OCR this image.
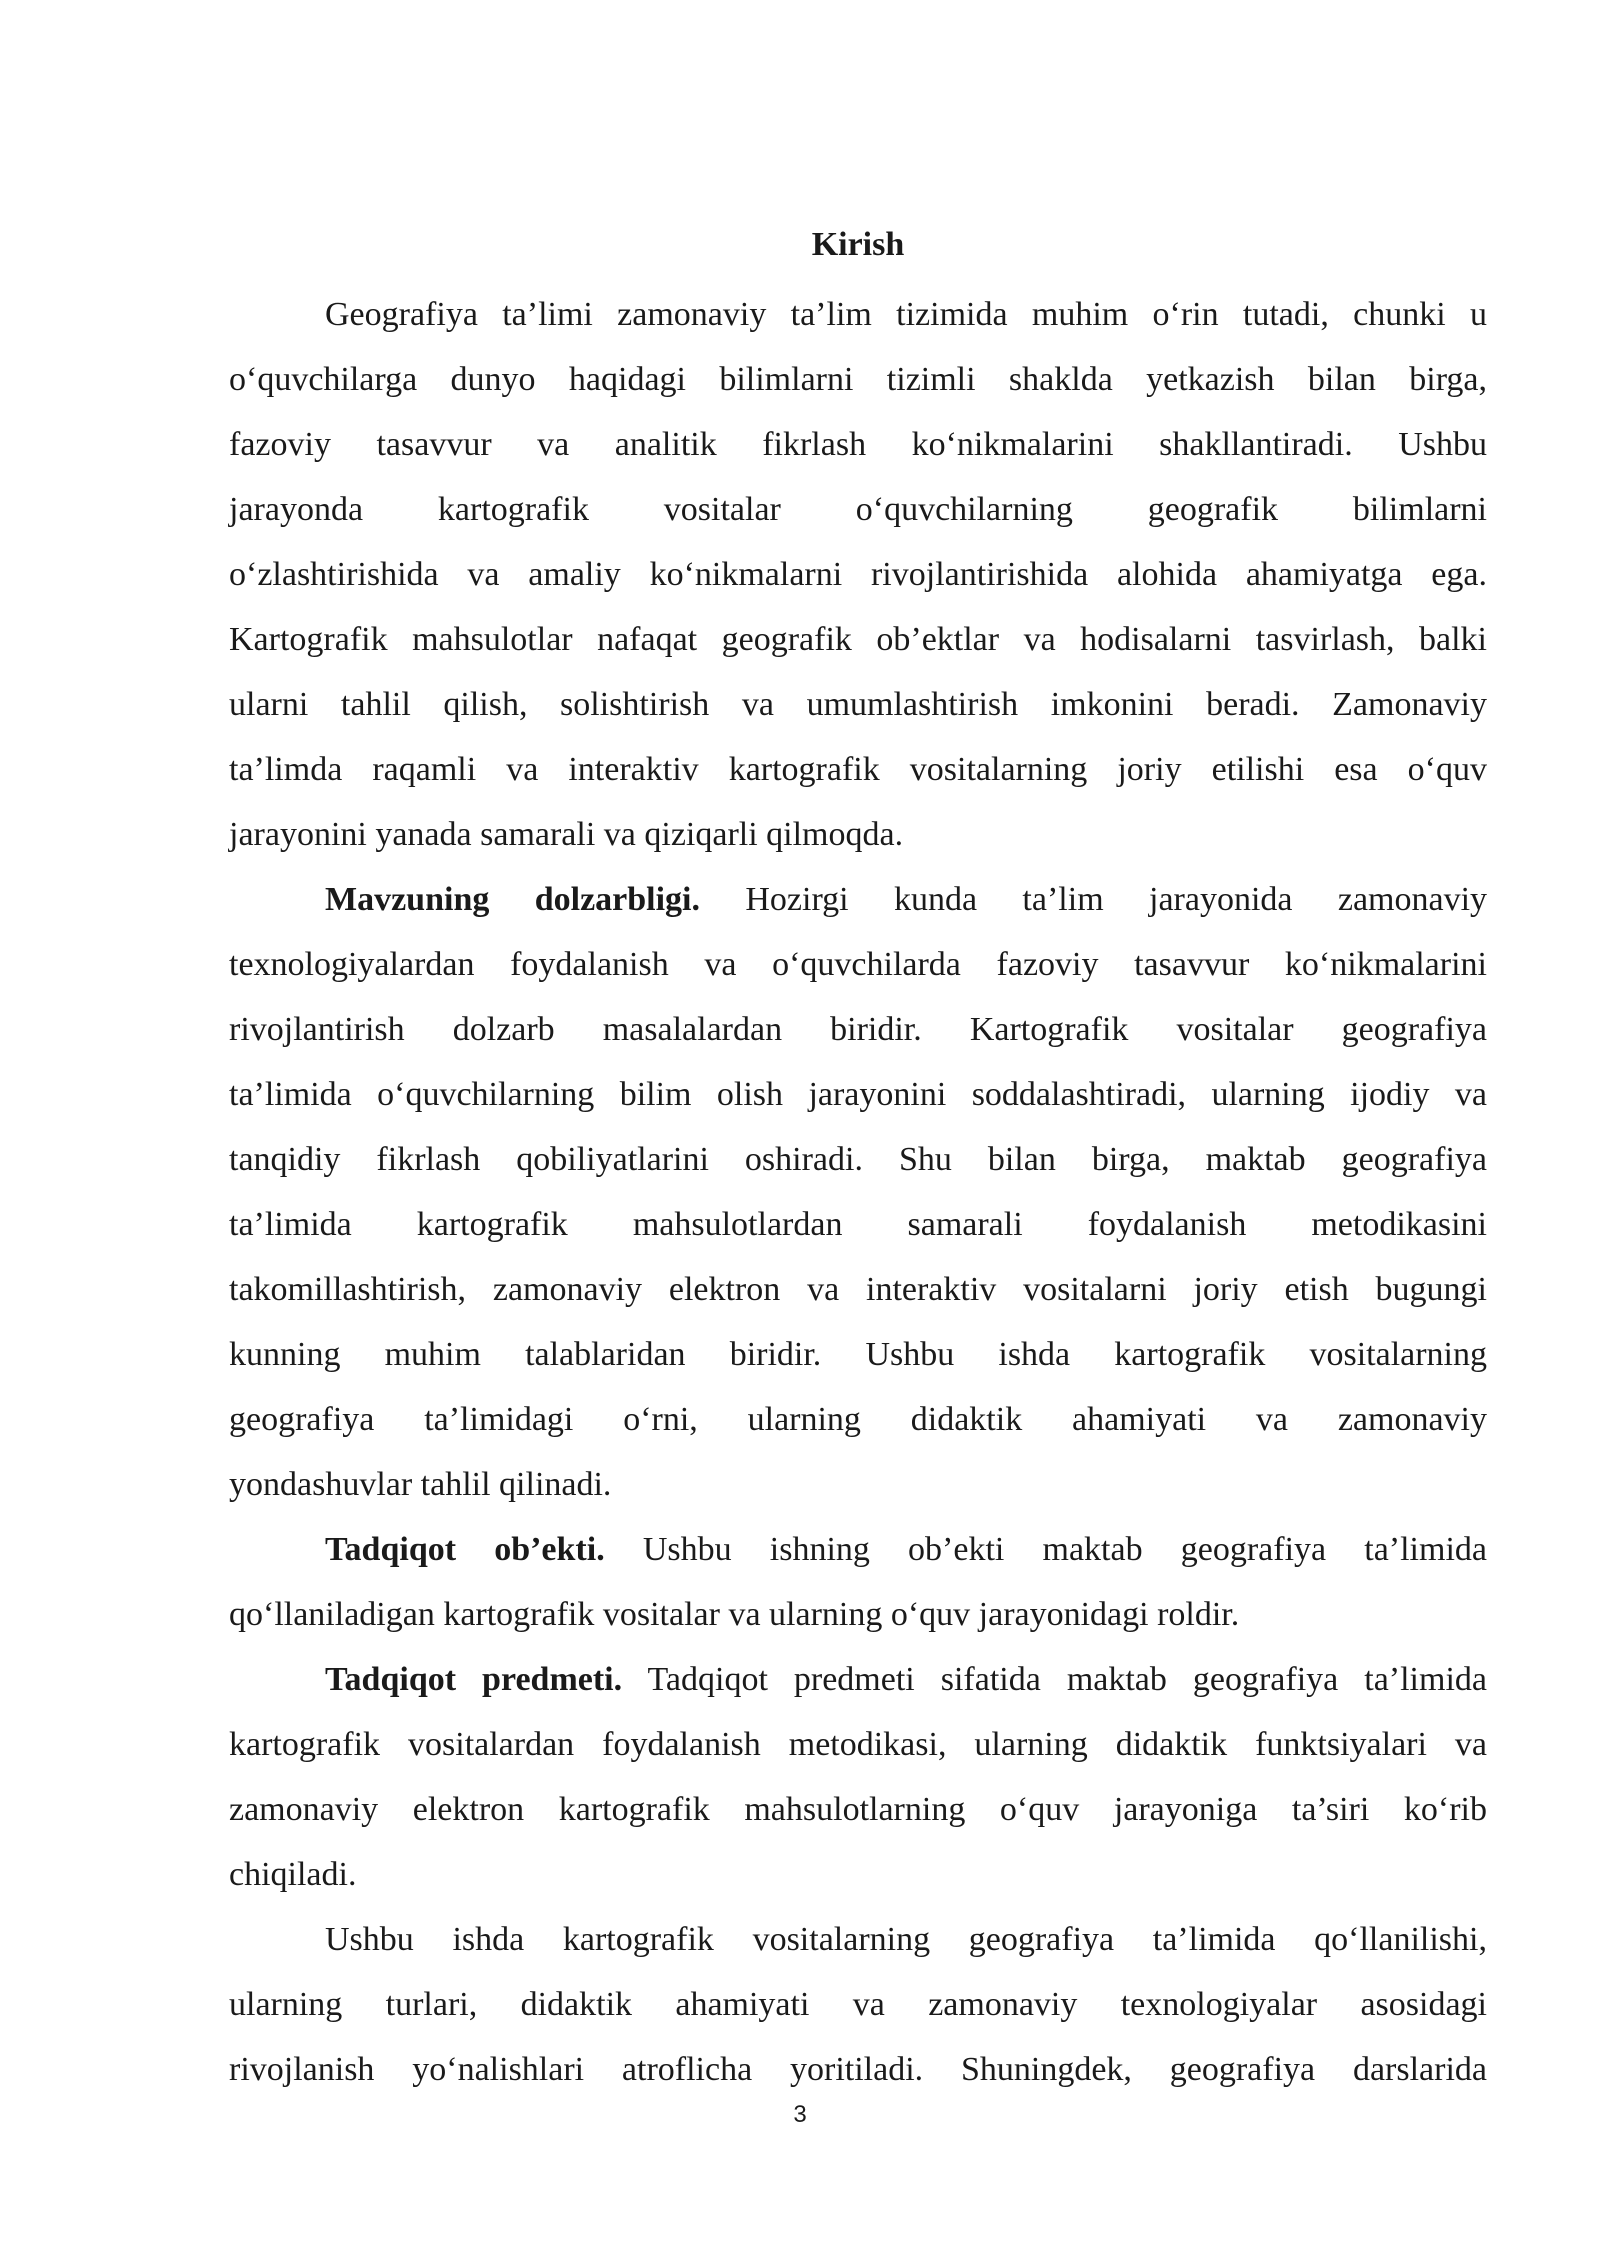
Kirish
Geografiya ta’limi zamonaviy ta’lim tizimida muhim o‘rin tutadi, chunki u
o‘quvchilarga dunyo haqidagi bilimlarni tizimli shaklda yetkazish bilan birga,
fazoviy tasavvur va analitik fikrlash ko‘nikmalarini shakllantiradi. Ushbu
jarayonda kartografik vositalar o‘quvchilarning geografik bilimlarni
o‘zlashtirishida va amaliy ko‘nikmalarni rivojlantirishida alohida ahamiyatga ega.
Kartografik mahsulotlar nafaqat geografik ob’ektlar va hodisalarni tasvirlash, balki
ularni tahlil qilish, solishtirish va umumlashtirish imkonini beradi. Zamonaviy
ta’limda raqamli va interaktiv kartografik vositalarning joriy etilishi esa o‘quv
jarayonini yanada samarali va qiziqarli qilmoqda.
Mavzuning dolzarbligi. Hozirgi kunda ta’lim jarayonida zamonaviy
texnologiyalardan foydalanish va o‘quvchilarda fazoviy tasavvur ko‘nikmalarini
rivojlantirish dolzarb masalalardan biridir. Kartografik vositalar geografiya
ta’limida o‘quvchilarning bilim olish jarayonini soddalashtiradi, ularning ijodiy va
tanqidiy fikrlash qobiliyatlarini oshiradi. Shu bilan birga, maktab geografiya
ta’limida kartografik mahsulotlardan samarali foydalanish metodikasini
takomillashtirish, zamonaviy elektron va interaktiv vositalarni joriy etish bugungi
kunning muhim talablaridan biridir. Ushbu ishda kartografik vositalarning
geografiya ta’limidagi o‘rni, ularning didaktik ahamiyati va zamonaviy
yondashuvlar tahlil qilinadi.
Tadqiqot ob’ekti. Ushbu ishning ob’ekti maktab geografiya ta’limida
qo‘llaniladigan kartografik vositalar va ularning o‘quv jarayonidagi roldir.
Tadqiqot predmeti. Tadqiqot predmeti sifatida maktab geografiya ta’limida
kartografik vositalardan foydalanish metodikasi, ularning didaktik funktsiyalari va
zamonaviy elektron kartografik mahsulotlarning o‘quv jarayoniga ta’siri ko‘rib
chiqiladi.
Ushbu ishda kartografik vositalarning geografiya ta’limida qo‘llanilishi,
ularning turlari, didaktik ahamiyati va zamonaviy texnologiyalar asosidagi
rivojlanish yo‘nalishlari atroflicha yoritiladi. Shuningdek, geografiya darslarida
3
